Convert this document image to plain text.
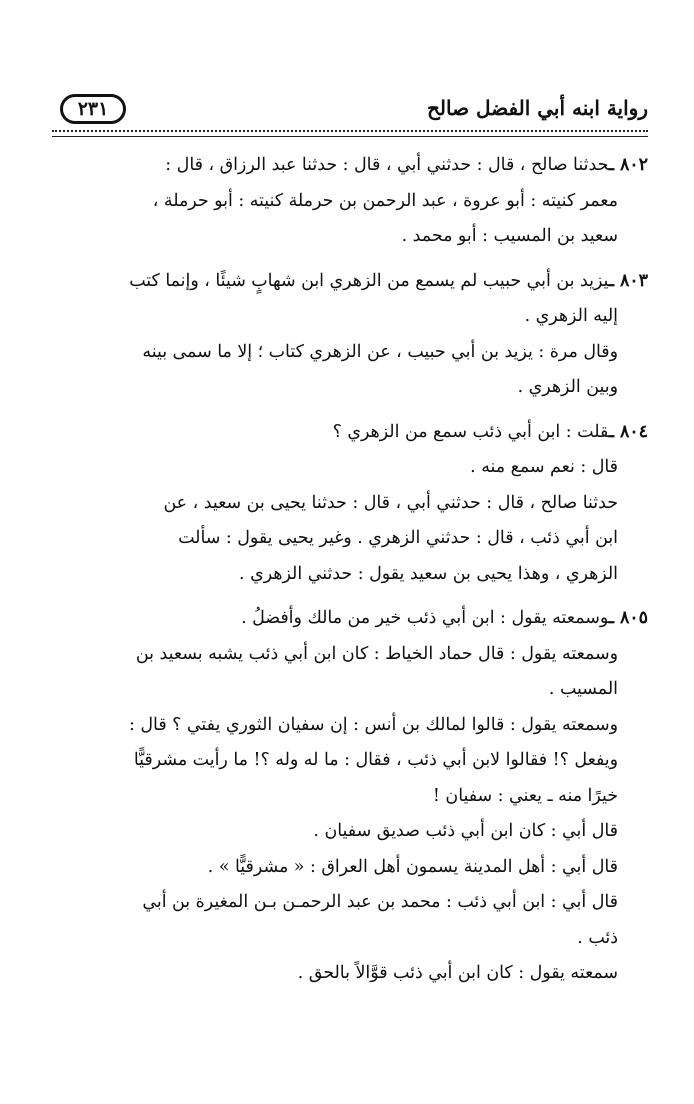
رواية ابنه أبي الفضل صالح
٢٣١
٨٠٢ ـحدثنا صالح ، قال : حدثني أبي ، قال : حدثنا عبد الرزاق ، قال :
معمر كنيته : أبو عروة ، عبد الرحمن بن حرملة كنيته : أبو حرملة ،
سعيد بن المسيب : أبو محمد .
٨٠٣ ـيزيد بن أبي حبيب لم يسمع من الزهري ابن شهابٍ شيئًا ، وإنما كتب
إليه الزهري .
وقال مرة : يزيد بن أبي حبيب ، عن الزهري كتاب ؛ إلا ما سمى بينه
وبين الزهري .
٨٠٤ ـقلت : ابن أبي ذئب سمع من الزهري ؟
قال : نعم سمع منه .
حدثنا صالح ، قال : حدثني أبي ، قال : حدثنا يحيى بن سعيد ، عن
ابن أبي ذئب ، قال : حدثني الزهري . وغير يحيى يقول : سألت
الزهري ، وهذا يحيى بن سعيد يقول : حدثني الزهري .
٨٠٥ ـوسمعته يقول : ابن أبي ذئب خير من مالك وأفضلُ .
وسمعته يقول : قال حماد الخياط : كان ابن أبي ذئب يشبه بسعيد بن
المسيب .
وسمعته يقول : قالوا لمالك بن أنس : إن سفيان الثوري يفتي ؟ قال :
ويفعل ؟! فقالوا لابن أبي ذئب ، فقال : ما له وله ؟! ما رأيت مشرقيًّا
خيرًا منه ـ يعني : سفيان !
قال أبي : كان ابن أبي ذئب صديق سفيان .
قال أبي : أهل المدينة يسمون أهل العراق : « مشرقيًّا » .
قال أبي : ابن أبي ذئب : محمد بن عبد الرحمـن بـن المغيرة بن أبي
ذئب .
سمعته يقول : كان ابن أبي ذئب قوَّالاً بالحق .
